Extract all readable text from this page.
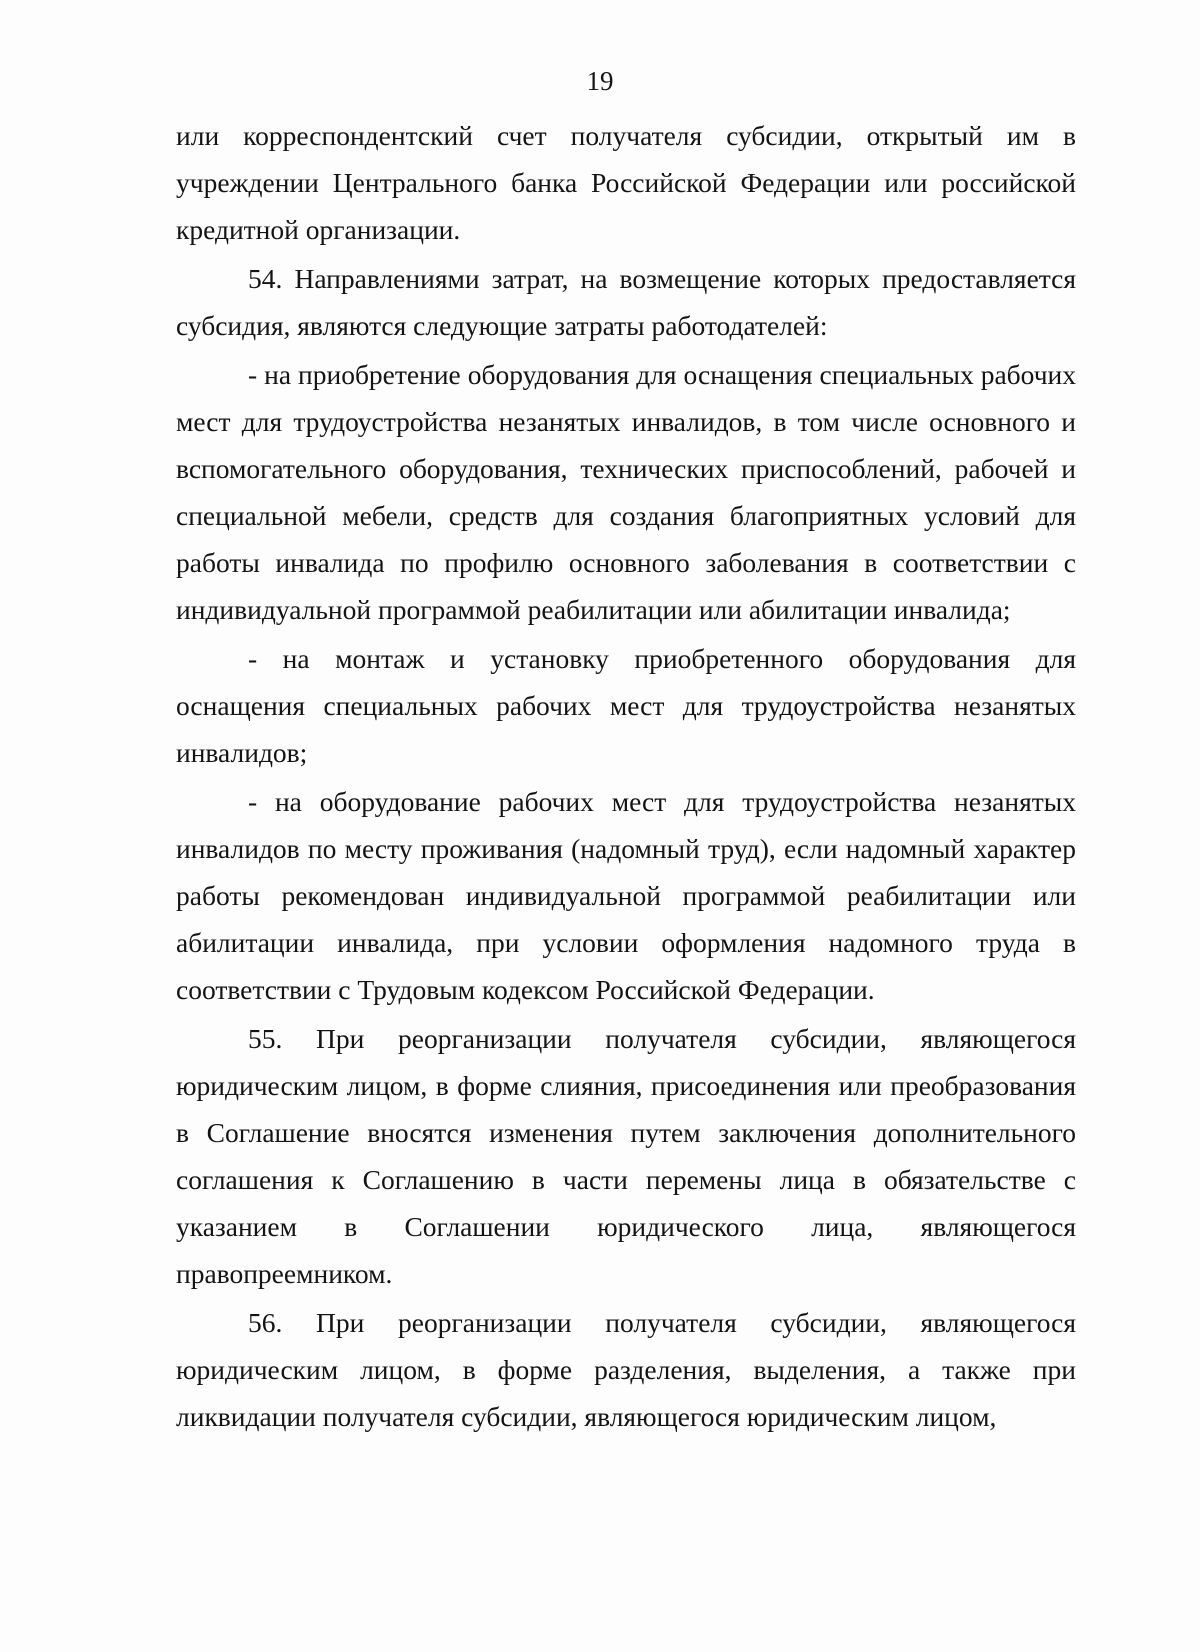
19

или корреспондентский счет получателя субсидии, открытый им в учреждении Центрального банка Российской Федерации или российской кредитной организации.

54. Направлениями затрат, на возмещение которых предоставляется субсидия, являются следующие затраты работодателей:

- на приобретение оборудования для оснащения специальных рабочих мест для трудоустройства незанятых инвалидов, в том числе основного и вспомогательного оборудования, технических приспособлений, рабочей и специальной мебели, средств для создания благоприятных условий для работы инвалида по профилю основного заболевания в соответствии с индивидуальной программой реабилитации или абилитации инвалида;

- на монтаж и установку приобретенного оборудования для оснащения специальных рабочих мест для трудоустройства незанятых инвалидов;

- на оборудование рабочих мест для трудоустройства незанятых инвалидов по месту проживания (надомный труд), если надомный характер работы рекомендован индивидуальной программой реабилитации или абилитации инвалида, при условии оформления надомного труда в соответствии с Трудовым кодексом Российской Федерации.

55. При реорганизации получателя субсидии, являющегося юридическим лицом, в форме слияния, присоединения или преобразования в Соглашение вносятся изменения путем заключения дополнительного соглашения к Соглашению в части перемены лица в обязательстве с указанием в Соглашении юридического лица, являющегося правопреемником.

56. При реорганизации получателя субсидии, являющегося юридическим лицом, в форме разделения, выделения, а также при ликвидации получателя субсидии, являющегося юридическим лицом,
